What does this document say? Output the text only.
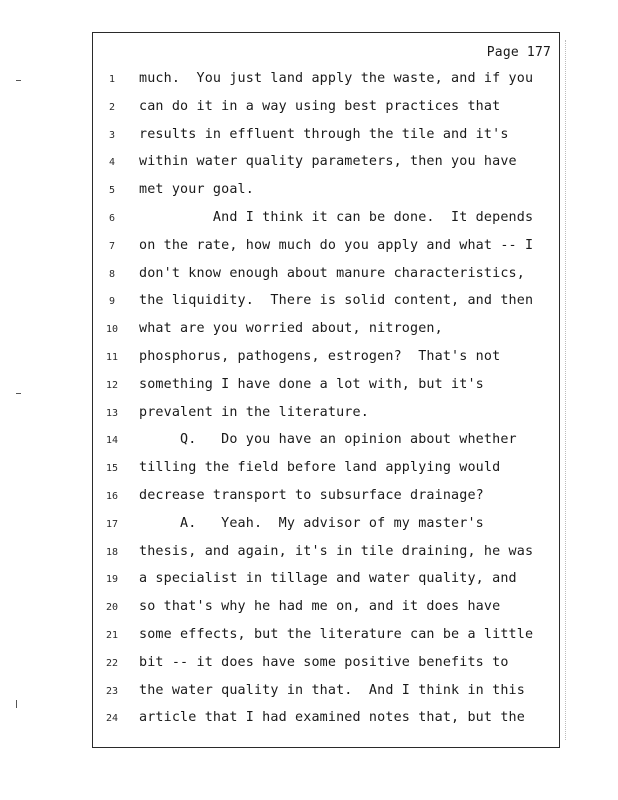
Page 177
1	much.  You just land apply the waste, and if you
2	can do it in a way using best practices that
3	results in effluent through the tile and it's
4	within water quality parameters, then you have
5	met your goal.
6	And I think it can be done.  It depends
7	on the rate, how much do you apply and what -- I
8	don't know enough about manure characteristics,
9	the liquidity.  There is solid content, and then
10	what are you worried about, nitrogen,
11	phosphorus, pathogens, estrogen?  That's not
12	something I have done a lot with, but it's
13	prevalent in the literature.
14	Q.   Do you have an opinion about whether
15	tilling the field before land applying would
16	decrease transport to subsurface drainage?
17	A.   Yeah.  My advisor of my master's
18	thesis, and again, it's in tile draining, he was
19	a specialist in tillage and water quality, and
20	so that's why he had me on, and it does have
21	some effects, but the literature can be a little
22	bit -- it does have some positive benefits to
23	the water quality in that.  And I think in this
24	article that I had examined notes that, but the
